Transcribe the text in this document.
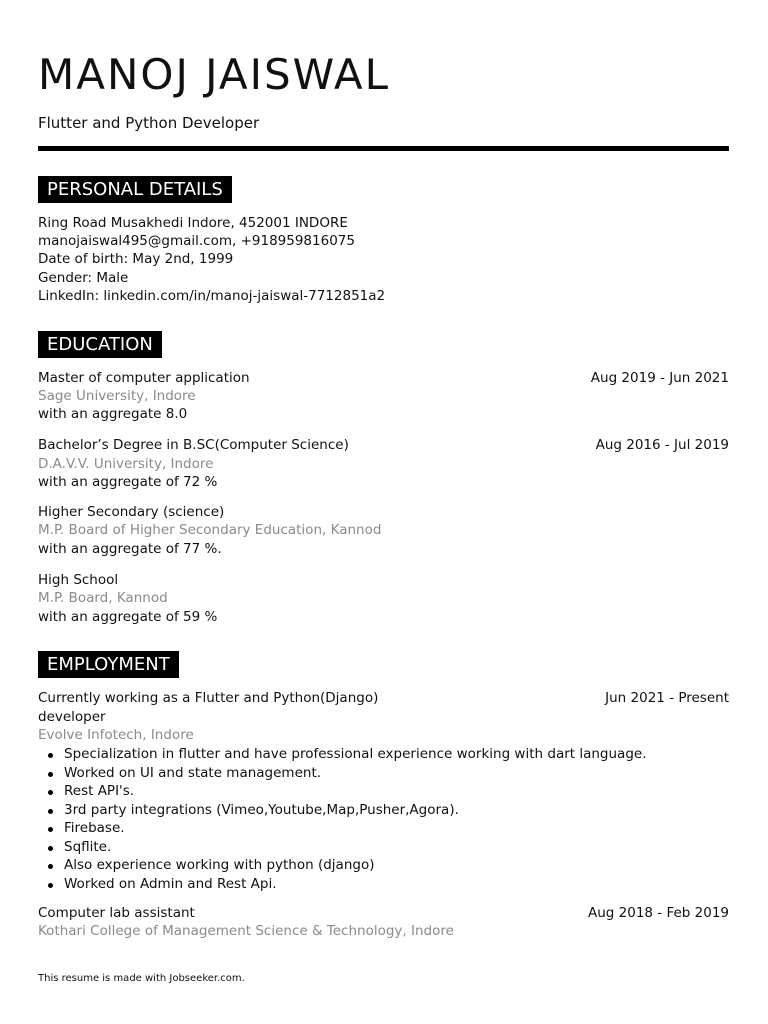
MANOJ JAISWAL
Flutter and Python Developer
PERSONAL DETAILS
Ring Road Musakhedi Indore, 452001 INDORE
manojaiswal495@gmail.com, +918959816075
Date of birth: May 2nd, 1999
Gender: Male
LinkedIn: linkedin.com/in/manoj-jaiswal-7712851a2
EDUCATION
Master of computer application	Aug 2019 - Jun 2021
Sage University, Indore
with an aggregate 8.0
Bachelor’s Degree in B.SC(Computer Science)	Aug 2016 - Jul 2019
D.A.V.V. University, Indore
with an aggregate of 72 %
Higher Secondary (science)
M.P. Board of Higher Secondary Education, Kannod
with an aggregate of 77 %.
High School
M.P. Board, Kannod
with an aggregate of 59 %
EMPLOYMENT
Currently working as a Flutter and Python(Django)	Jun 2021 - Present
developer
Evolve Infotech, Indore
Specialization in flutter and have professional experience working with dart language.
Worked on UI and state management.
Rest API's.
3rd party integrations (Vimeo,Youtube,Map,Pusher,Agora).
Firebase.
Sqflite.
Also experience working with python (django)
Worked on Admin and Rest Api.
Computer lab assistant	Aug 2018 - Feb 2019
Kothari College of Management Science & Technology, Indore
This resume is made with Jobseeker.com.
